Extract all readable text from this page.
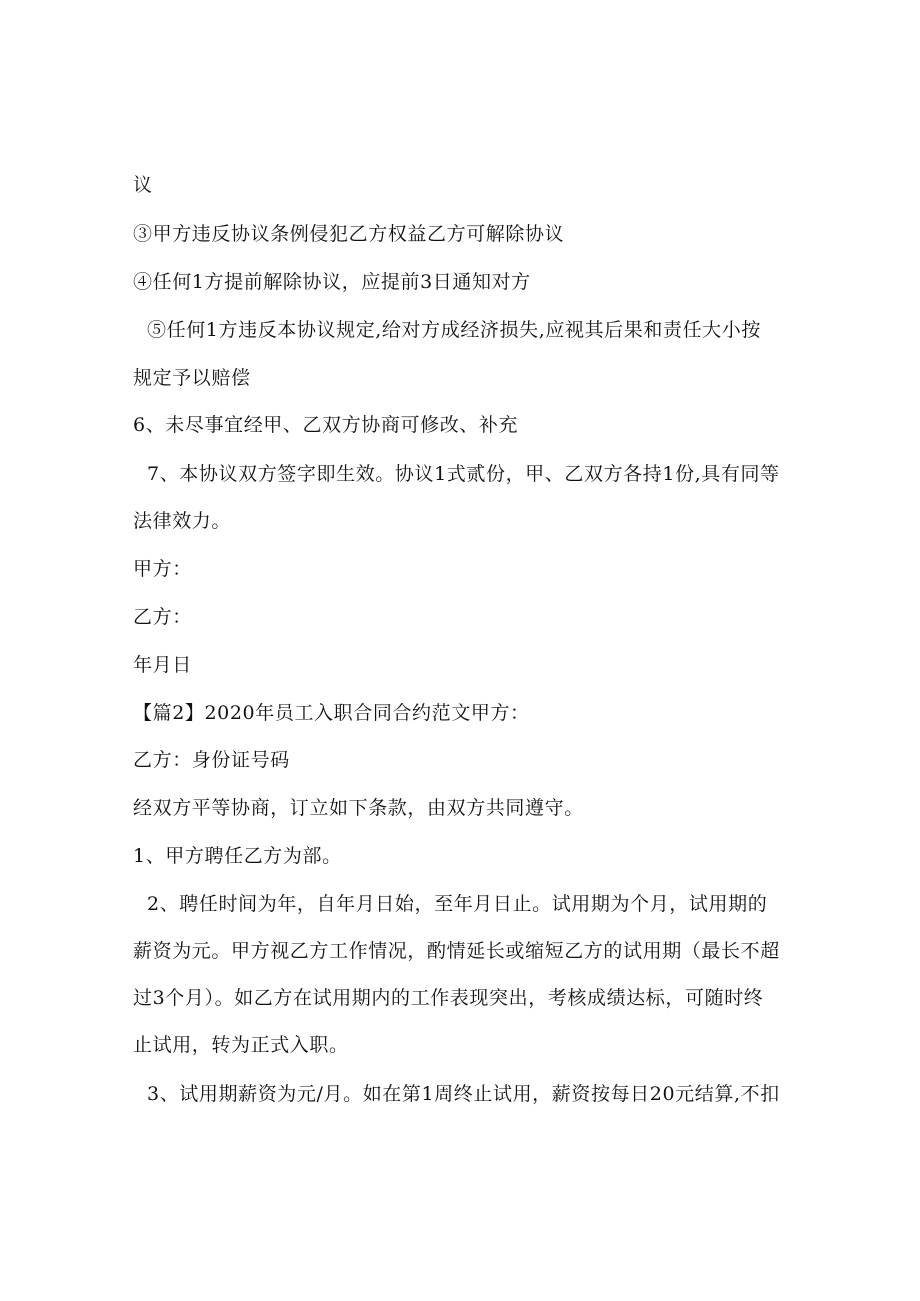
议

③甲方违反协议条例侵犯乙方权益乙方可解除协议

④任何1方提前解除协议，应提前3日通知对方

⑤任何1方违反本协议规定,给对方成经济损失,应视其后果和责任大小按

规定予以赔偿

6、未尽事宜经甲、乙双方协商可修改、补充

7、本协议双方签字即生效。协议1式贰份，甲、乙双方各持1份,具有同等

法律效力。

甲方：

乙方：

年月日

【篇2】2020年员工入职合同合约范文甲方：

乙方：身份证号码

经双方平等协商，订立如下条款，由双方共同遵守。

1、甲方聘任乙方为部。

2、聘任时间为年，自年月日始，至年月日止。试用期为个月，试用期的

薪资为元。甲方视乙方工作情况，酌情延长或缩短乙方的试用期（最长不超

过3个月）。如乙方在试用期内的工作表现突出，考核成绩达标，可随时终

止试用，转为正式入职。

3、试用期薪资为元/月。如在第1周终止试用，薪资按每日20元结算,不扣
